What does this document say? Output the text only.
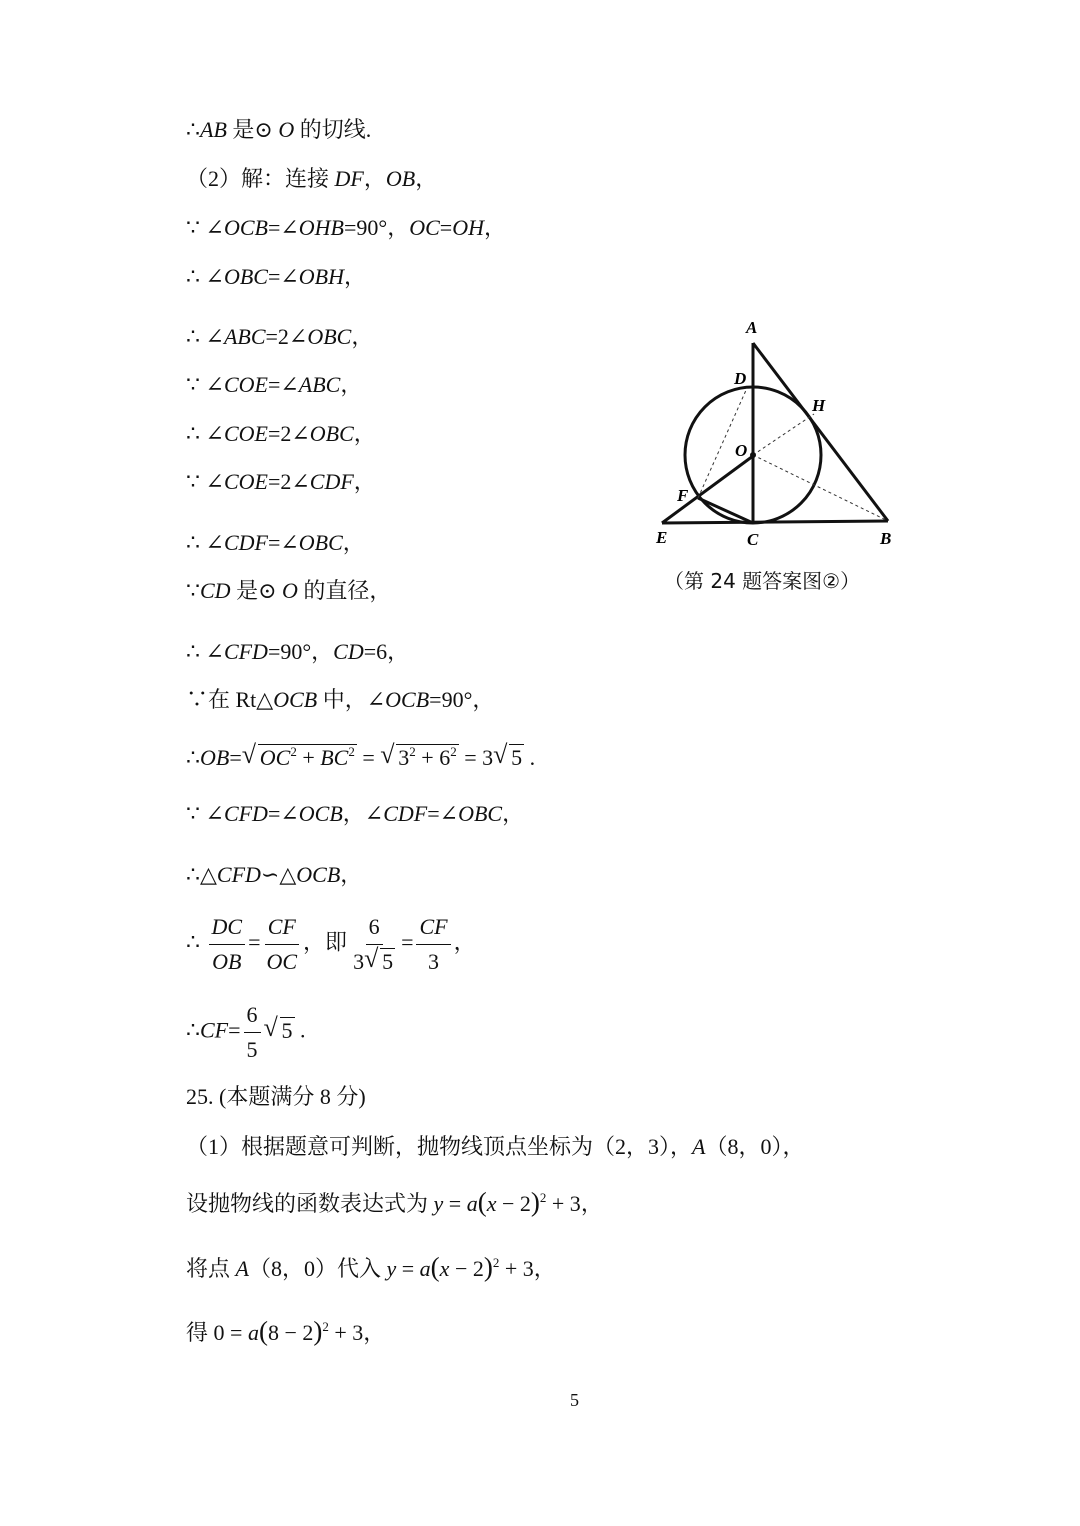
∴AB 是⊙ O 的切线.
（2）解：连接 DF，OB，
∵ ∠OCB=∠OHB=90°，OC=OH，
∴ ∠OBC=∠OBH，
∴ ∠ABC=2∠OBC，
∵ ∠COE=∠ABC，
∴ ∠COE=2∠OBC，
∵ ∠COE=2∠CDF，
∴ ∠CDF=∠OBC，
∵CD 是⊙ O 的直径，
∴ ∠CFD=90°，CD=6，
∵在 Rt△OCB 中，∠OCB=90°，
∴OB= √ $OC^2 + BC^2$ = √ $3^2 + 6^2 = 3$ √ 5 .
∵ ∠CFD=∠OCB，∠CDF=∠OBC，
∴△CFD∽△OCB，
∴ $\frac{DC}{OB} = \frac{CF}{OC}$ ，即 $\frac{6}{3 √ 5} = \frac{CF}{3}$ ，
∴CF= $\frac{6}{5}$ √ 5 .
25. (本题满分 8 分)
（1）根据题意可判断，抛物线顶点坐标为（2，3），A（8，0），
设抛物线的函数表达式为 $y = a(x - 2)^2 + 3$，
将点 A（8，0）代入 $y = a(x - 2)^2 + 3$，
得 $0 = a(8 - 2)^2 + 3$，
A
D
H
O
F
E	C	B
（第 24 题答案图②）
5
